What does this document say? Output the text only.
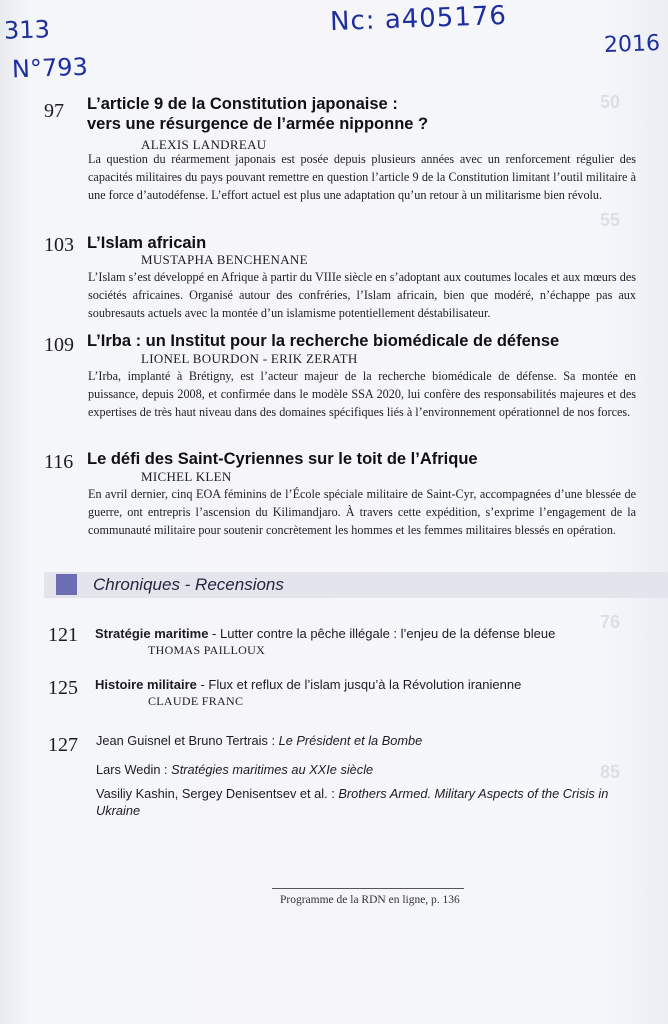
50
55
76
85
313
N°793
Nc: a405176
2016
97 L’article 9 de la Constitution japonaise :
vers une résurgence de l’armée nipponne ?
ALEXIS LANDREAU
La question du réarmement japonais est posée depuis plusieurs années avec un renforcement régulier des capacités militaires du pays pouvant remettre en question l’article 9 de la Constitution limitant l’outil militaire à une force d’autodéfense. L’effort actuel est plus une adaptation qu’un retour à un militarisme bien révolu.
103 L’Islam africain
MUSTAPHA BENCHENANE
L’Islam s’est développé en Afrique à partir du VIIIe siècle en s’adoptant aux coutumes locales et aux mœurs des sociétés africaines. Organisé autour des confréries, l’Islam africain, bien que modéré, n’échappe pas aux soubresauts actuels avec la montée d’un islamisme potentiellement déstabilisateur.
109 L’Irba : un Institut pour la recherche biomédicale de défense
LIONEL BOURDON - ERIK ZERATH
L’Irba, implanté à Brétigny, est l’acteur majeur de la recherche biomédicale de défense. Sa montée en puissance, depuis 2008, et confirmée dans le modèle SSA 2020, lui confère des responsabilités majeures et des expertises de très haut niveau dans des domaines spécifiques liés à l’environnement opérationnel de nos forces.
116 Le défi des Saint-Cyriennes sur le toit de l’Afrique
MICHEL KLEN
En avril dernier, cinq EOA féminins de l’École spéciale militaire de Saint-Cyr, accompagnées d’une blessée de guerre, ont entrepris l’ascension du Kilimandjaro. À travers cette expédition, s’exprime l’engagement de la communauté militaire pour soutenir concrètement les hommes et les femmes militaires blessés en opération.
Chroniques - Recensions
121 Stratégie maritime - Lutter contre la pêche illégale : l’enjeu de la défense bleue
THOMAS PAILLOUX
125 Histoire militaire - Flux et reflux de l’islam jusqu’à la Révolution iranienne
CLAUDE FRANC
127 Jean Guisnel et Bruno Tertrais : Le Président et la Bombe
Lars Wedin : Stratégies maritimes au XXIe siècle
Vasiliy Kashin, Sergey Denisentsev et al. : Brothers Armed. Military Aspects of the Crisis in Ukraine
Programme de la RDN en ligne, p. 136
